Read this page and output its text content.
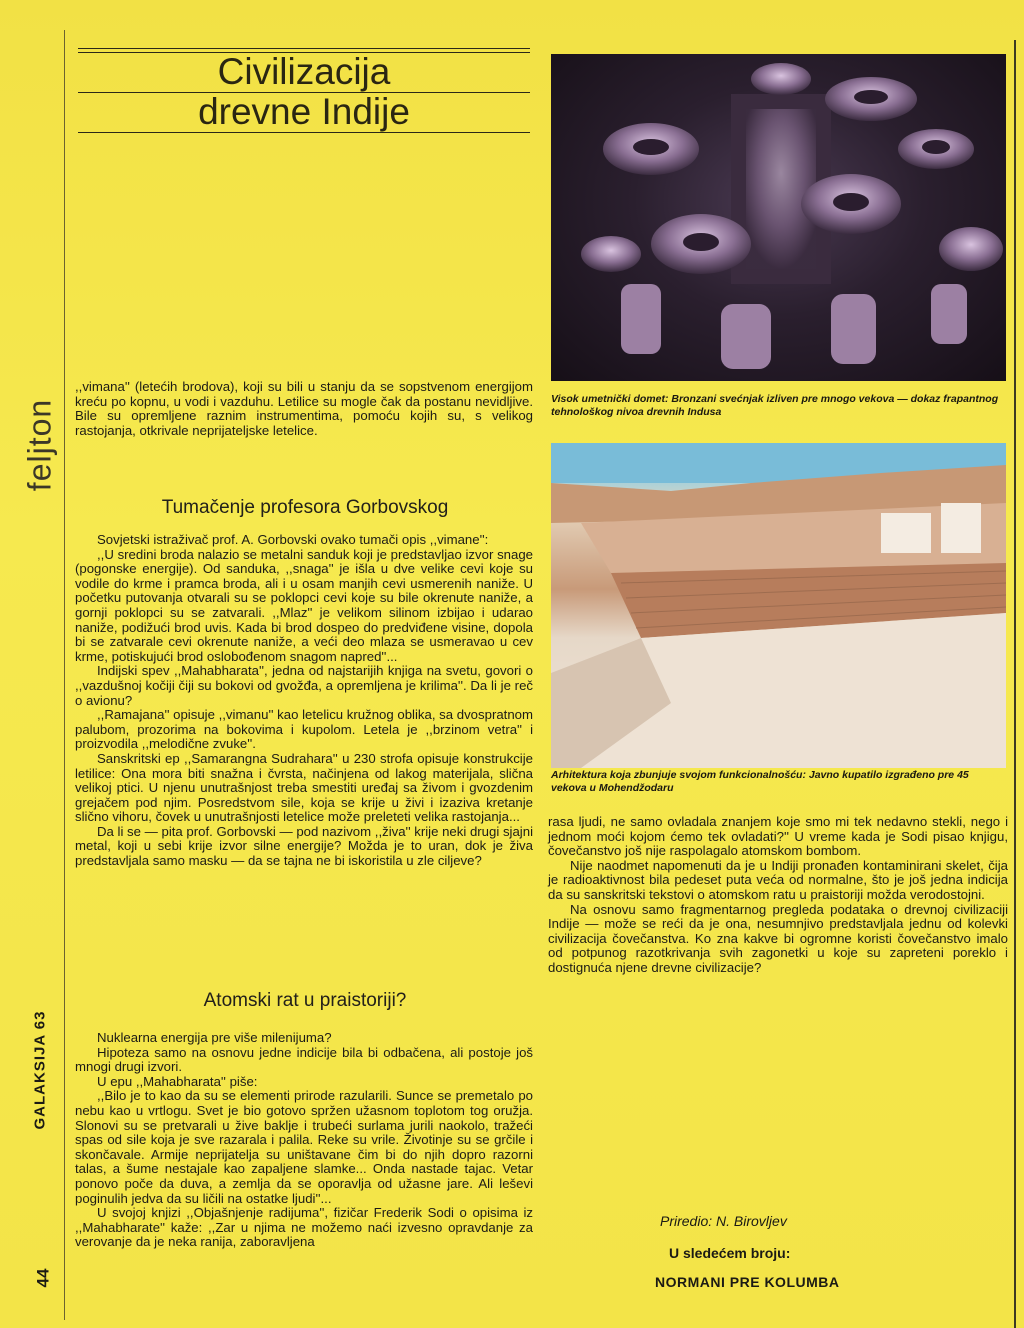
feljton
GALAKSIJA 63
44
Civilizacija
drevne Indije

,,vimana'' (letećih brodova), koji su bili u stanju da se sopstvenom energijom kreću po kopnu, u vodi i vazduhu. Letilice su mogle čak da postanu nevidljive. Bile su opremljene raznim instrumentima, pomoću kojih su, s velikog rastojanja, otkrivale neprijateljske letelice.

Tumačenje profesora Gorbovskog

Sovjetski istraživač prof. A. Gorbovski ovako tumači opis ,,vimane'':

,,U sredini broda nalazio se metalni sanduk koji je predstavljao izvor snage (pogonske energije). Od sanduka, ,,snaga'' je išla u dve velike cevi koje su vodile do krme i pramca broda, ali i u osam manjih cevi usmerenih naniže. U početku putovanja otvarali su se poklopci cevi koje su bile okrenute naniže, a gornji poklopci su se zatvarali. ,,Mlaz'' je velikom silinom izbijao i udarao naniže, podižući brod uvis. Kada bi brod dospeo do predviđene visine, dopola bi se zatvarale cevi okrenute naniže, a veći deo mlaza se usmeravao u cev krme, potiskujući brod oslobođenom snagom napred''...

Indijski spev ,,Mahabharata'', jedna od najstarijih knjiga na svetu, govori o ,,vazdušnoj kočiji čiji su bokovi od gvožđa, a opremljena je krilima''. Da li je reč o avionu?

,,Ramajana'' opisuje ,,vimanu'' kao letelicu kružnog oblika, sa dvospratnom palubom, prozorima na bokovima i kupolom. Letela je ,,brzinom vetra'' i proizvodila ,,melodične zvuke''.

Sanskritski ep ,,Samarangna Sudrahara'' u 230 strofa opisuje konstrukcije letilice: Ona mora biti snažna i čvrsta, načinjena od lakog materijala, slična velikoj ptici. U njenu unutrašnjost treba smestiti uređaj sa živom i gvozdenim grejačem pod njim. Posredstvom sile, koja se krije u živi i izaziva kretanje slično vihoru, čovek u unutrašnjosti letelice može preleteti velika rastojanja...

Da li se — pita prof. Gorbovski — pod nazivom ,,živa'' krije neki drugi sjajni metal, koji u sebi krije izvor silne energije? Možda je to uran, dok je živa predstavljala samo masku — da se tajna ne bi iskoristila u zle ciljeve?

Atomski rat u praistoriji?

Nuklearna energija pre više milenijuma?

Hipoteza samo na osnovu jedne indicije bila bi odbačena, ali postoje još mnogi drugi izvori.

U epu ,,Mahabharata'' piše:

,,Bilo je to kao da su se elementi prirode razularili. Sunce se premetalo po nebu kao u vrtlogu. Svet je bio gotovo spržen užasnom toplotom tog oružja. Slonovi su se pretvarali u žive baklje i trubeći surlama jurili naokolo, tražeći spas od sile koja je sve razarala i palila. Reke su vrile. Životinje su se grčile i skončavale. Armije neprijatelja su uništavane čim bi do njih dopro razorni talas, a šume nestajale kao zapaljene slamke... Onda nastade tajac. Vetar ponovo poče da duva, a zemlja da se oporavlja od užasne jare. Ali leševi poginulih jedva da su ličili na ostatke ljudi''...

U svojoj knjizi ,,Objašnjenje radijuma'', fizičar Frederik Sodi o opisima iz ,,Mahabharate'' kaže: ,,Zar u njima ne možemo naći izvesno opravdanje za verovanje da je neka ranija, zaboravljena

Visok umetnički domet: Bronzani svećnjak izliven pre mnogo vekova — dokaz frapantnog tehnološkog nivoa drevnih Indusa
Arhitektura koja zbunjuje svojom funkcionalnošću: Javno kupatilo izgrađeno pre 45 vekova u Mohendžodaru

rasa ljudi, ne samo ovladala znanjem koje smo mi tek nedavno stekli, nego i jednom moći kojom ćemo tek ovladati?'' U vreme kada je Sodi pisao knjigu, čovečanstvo još nije raspolagalo atomskom bombom.

Nije naodmet napomenuti da je u Indiji pronađen kontaminirani skelet, čija je radioaktivnost bila pedeset puta veća od normalne, što je još jedna indicija da su sanskritski tekstovi o atomskom ratu u praistoriji možda verodostojni.

Na osnovu samo fragmentarnog pregleda podataka o drevnoj civilizaciji Indije — može se reći da je ona, nesumnjivo predstavljala jednu od kolevki civilizacija čovečanstva. Ko zna kakve bi ogromne koristi čovečanstvo imalo od potpunog razotkrivanja svih zagonetki u koje su zapreteni poreklo i dostignuća njene drevne civilizacije?

Priredio: N. Birovljev
U sledećem broju:
NORMANI PRE KOLUMBA
